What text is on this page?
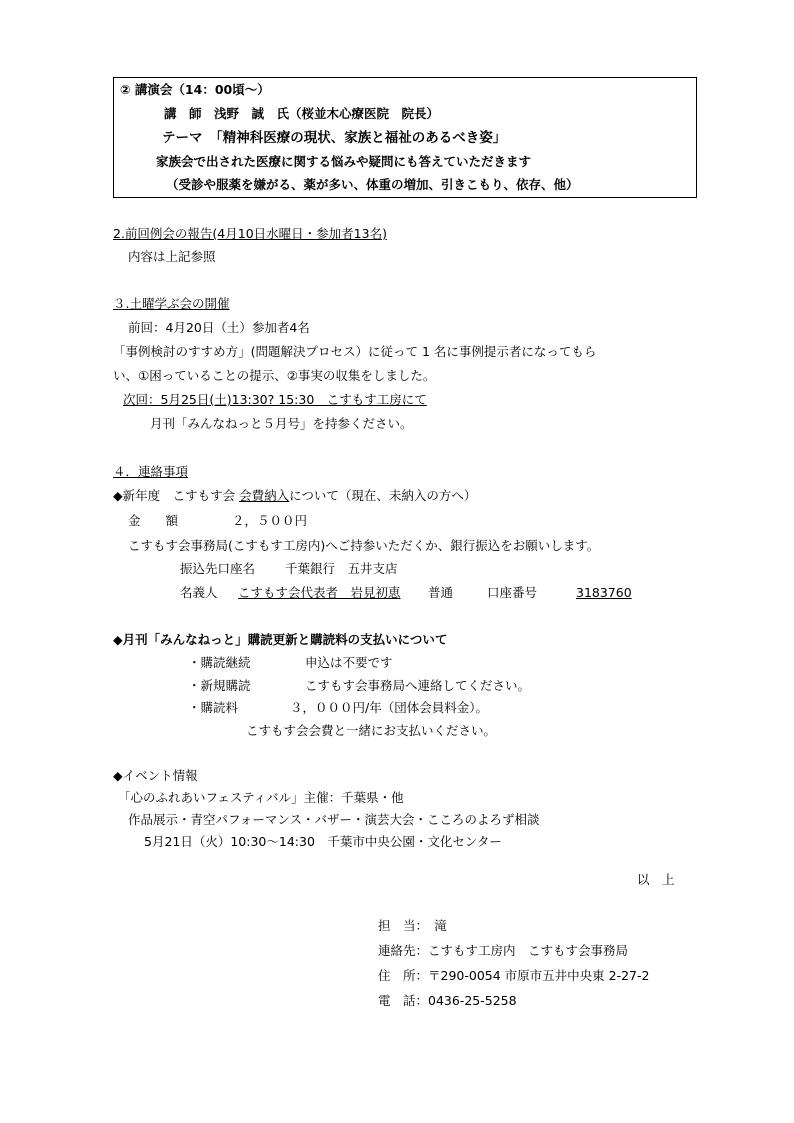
② 講演会（14：00頃～）
講　師　浅野　誠　氏（桜並木心療医院　院長）
テーマ　「精神科医療の現状、家族と福祉のあるべき姿」
家族会で出された医療に関する悩みや疑問にも答えていただきます
（受診や服薬を嫌がる、薬が多い、体重の増加、引きこもり、依存、他）
2.前回例会の報告(4月10日水曜日・参加者13名)
内容は上記参照
３.土曜学ぶ会の開催
前回：4月20日（土）参加者4名
「事例検討のすすめ方」(問題解決プロセス）に従って 1 名に事例提示者になってもら
い、①困っていることの提示、②事実の収集をしました。
次回：5月25日(土)13:30? 15:30　こすもす工房にて
月刊「みんなねっと５月号」を持参ください。
４．連絡事項
◆新年度　こすもす会 会費納入について（現在、未納入の方へ）
金　　額	２，５００円
こすもす会事務局(こすもす工房内)へご持参いただくか、銀行振込をお願いします。
振込先口座名 千葉銀行　五井支店
名義人 こすもす会代表者　岩見初恵 普通	口座番号	3183760
◆月刊「みんなねっと」購読更新と購読料の支払いについて
・購読継続	申込は不要です
・新規購読	こすもす会事務局へ連絡してください。
・購読料	３，０００円/年（団体会員料金）。
こすもす会会費と一緒にお支払いください。
◆イベント情報
「心のふれあいフェスティバル」主催：千葉県・他
作品展示・青空パフォーマンス・バザー・演芸大会・こころのよろず相談
5月21日（火）10:30～14:30　千葉市中央公園・文化センター
以　上
担　当：　滝
連絡先：こすもす工房内　こすもす会事務局
住　所：〒290-0054 市原市五井中央東 2-27-2
電　話：0436-25-5258
